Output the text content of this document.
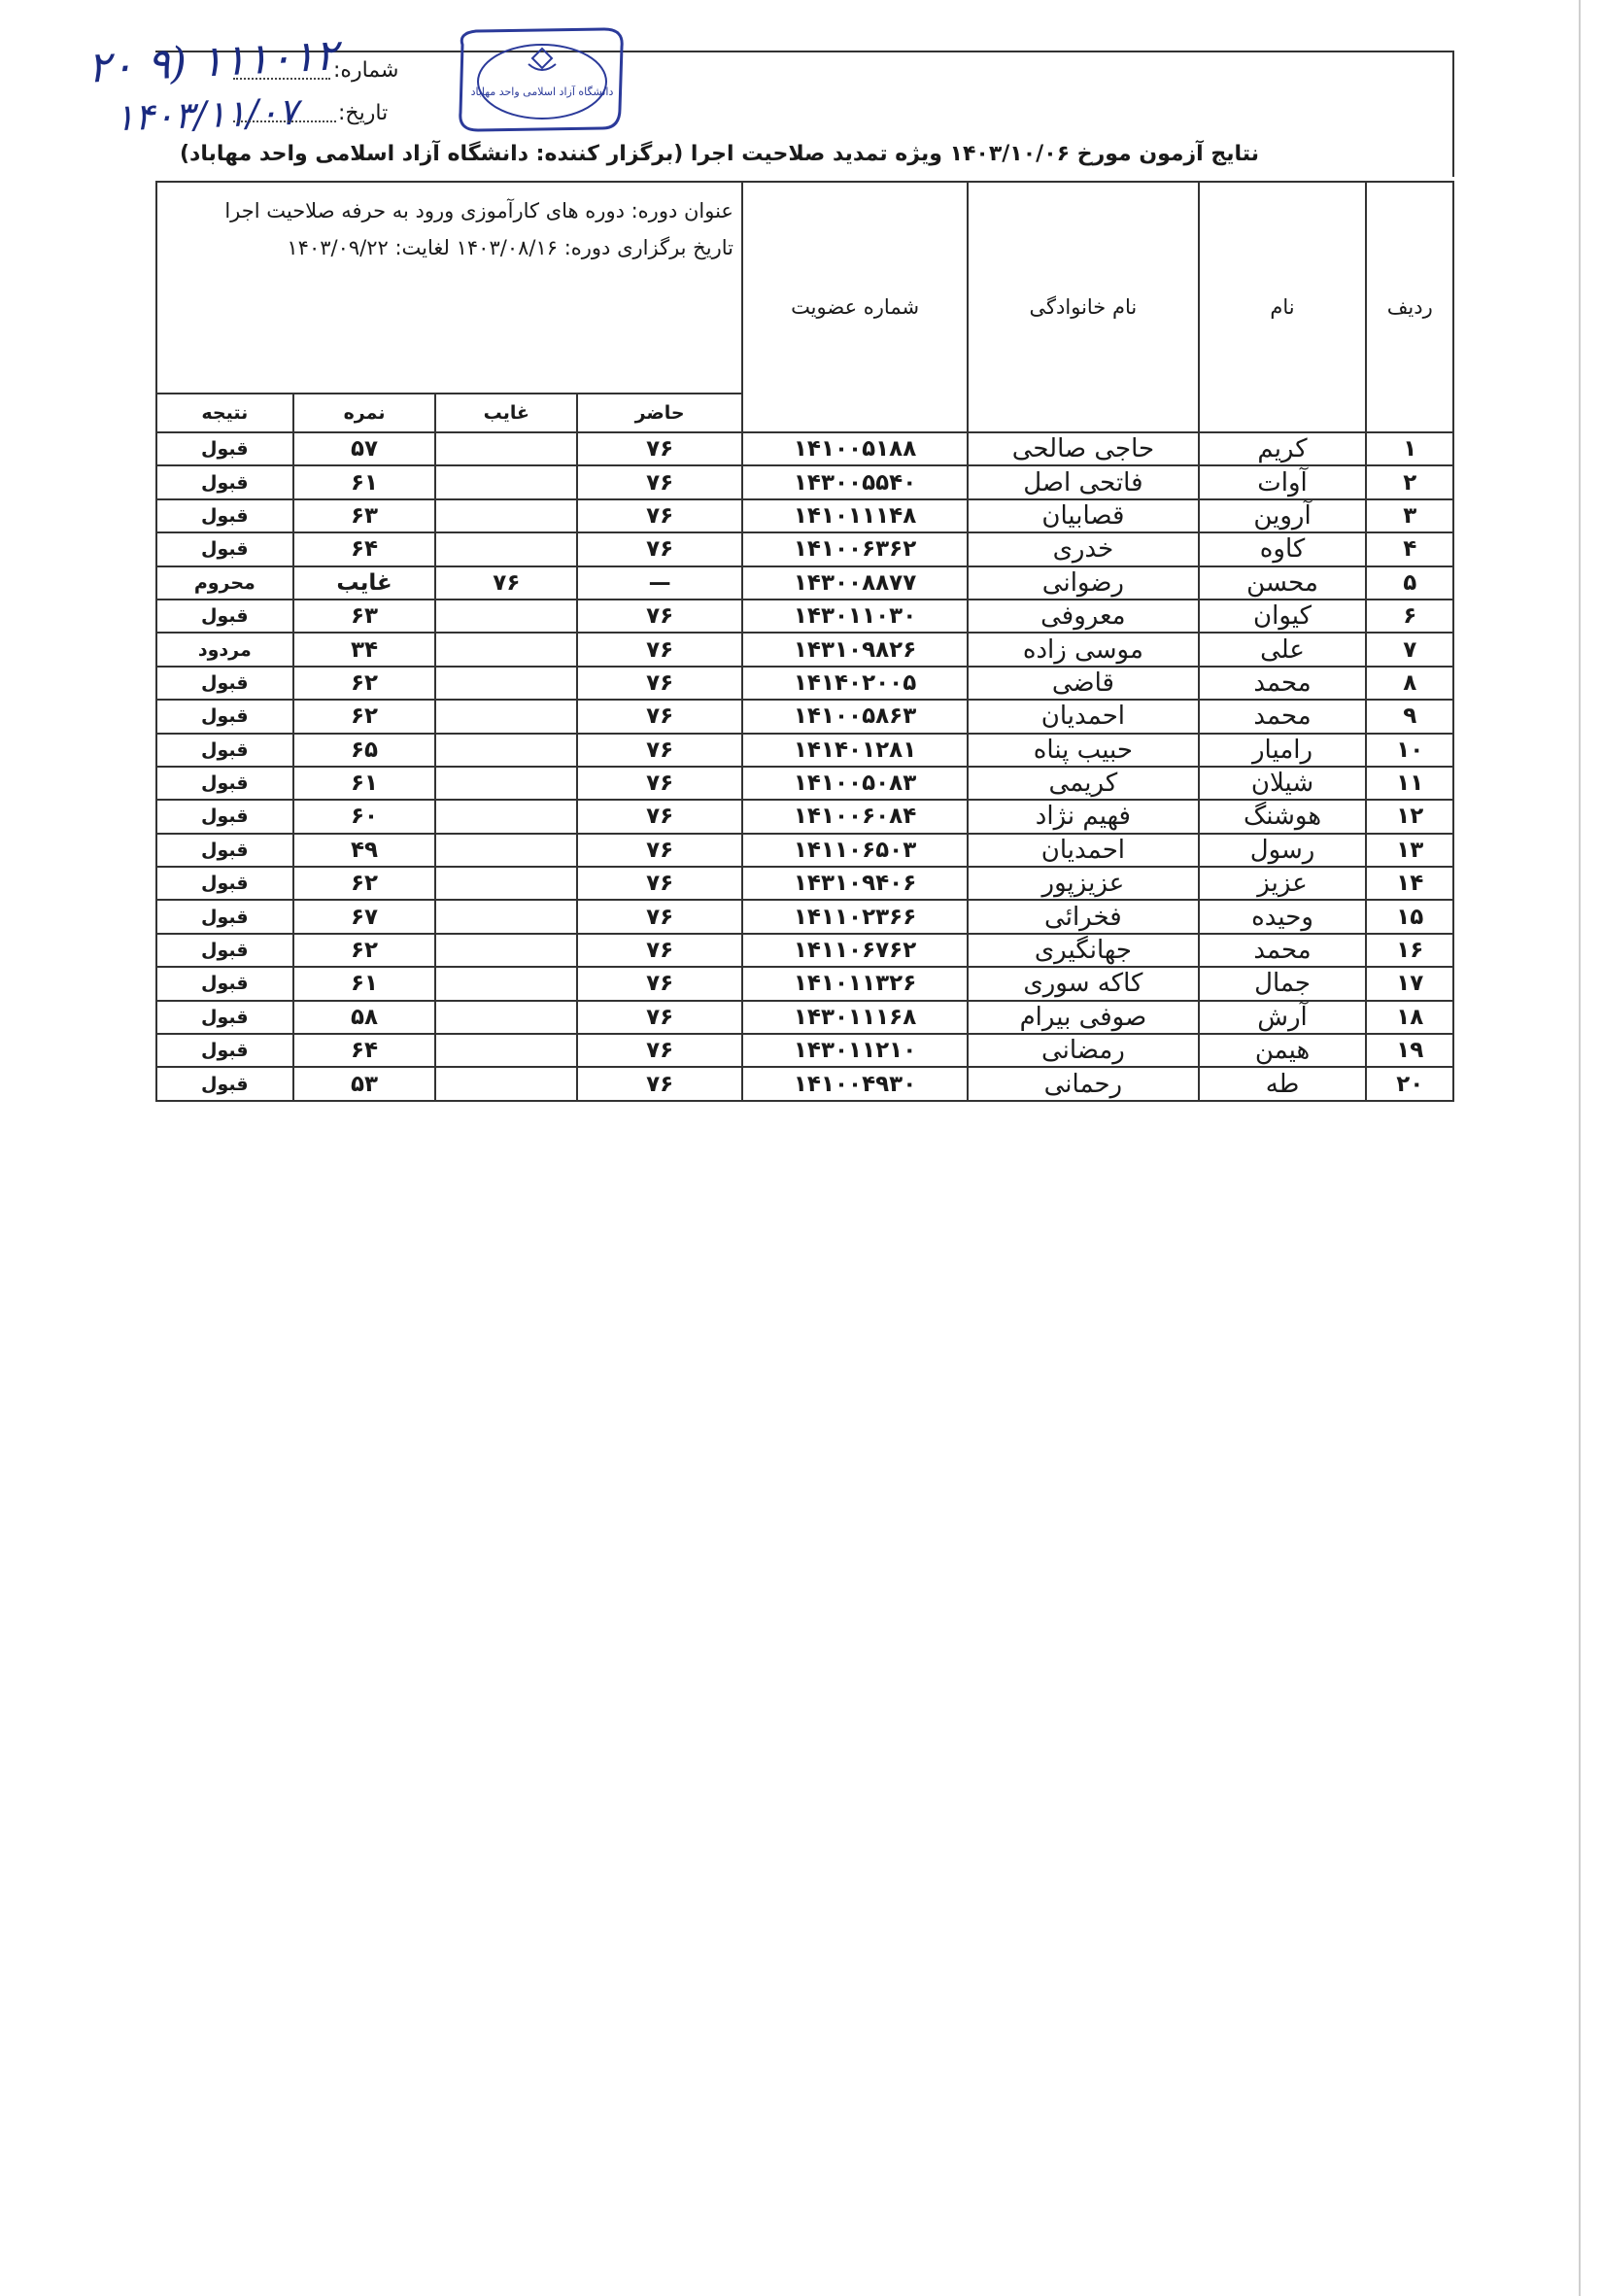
۲۰ ۹) ۱۱۱۰۱۲
شماره:
۱۴۰۳/۱۱/۰۷ تاریخ:
دانشگاه آزاد اسلامی واحد مهاباد
نتایج آزمون مورخ ۱۴۰۳/۱۰/۰۶ ویژه تمدید صلاحیت اجرا (برگزار کننده: دانشگاه آزاد اسلامی واحد مهاباد)
ردیف	نام	نام خانوادگی	شماره عضویت	عنوان دوره: دوره های کارآموزی ورود به حرفه صلاحیت اجرا
تاریخ برگزاری دوره: ۱۴۰۳/۰۸/۱۶ لغایت: ۱۴۰۳/۰۹/۲۲			

				حاضر	غایب	نمره	نتیجه
۱	کریم	حاجی صالحی	۱۴۱۰۰۵۱۸۸	۷۶		۵۷	قبول
۲	آوات	فاتحی اصل	۱۴۳۰۰۵۵۴۰	۷۶		۶۱	قبول
۳	آروین	قصابیان	۱۴۱۰۱۱۱۴۸	۷۶		۶۳	قبول
۴	کاوه	خدری	۱۴۱۰۰۶۳۶۲	۷۶		۶۴	قبول
۵	محسن	رضوانی	۱۴۳۰۰۸۸۷۷	—	۷۶	غایب	محروم
۶	کیوان	معروفی	۱۴۳۰۱۱۰۳۰	۷۶		۶۳	قبول
۷	علی	موسی زاده	۱۴۳۱۰۹۸۲۶	۷۶		۳۴	مردود
۸	محمد	قاضی	۱۴۱۴۰۲۰۰۵	۷۶		۶۲	قبول
۹	محمد	احمدیان	۱۴۱۰۰۵۸۶۳	۷۶		۶۲	قبول
۱۰	رامیار	حبیب پناه	۱۴۱۴۰۱۲۸۱	۷۶		۶۵	قبول
۱۱	شیلان	کریمی	۱۴۱۰۰۵۰۸۳	۷۶		۶۱	قبول
۱۲	هوشنگ	فهیم نژاد	۱۴۱۰۰۶۰۸۴	۷۶		۶۰	قبول
۱۳	رسول	احمدیان	۱۴۱۱۰۶۵۰۳	۷۶		۴۹	قبول
۱۴	عزیز	عزیزپور	۱۴۳۱۰۹۴۰۶	۷۶		۶۲	قبول
۱۵	وحیده	فخرائی	۱۴۱۱۰۲۳۶۶	۷۶		۶۷	قبول
۱۶	محمد	جهانگیری	۱۴۱۱۰۶۷۶۲	۷۶		۶۲	قبول
۱۷	جمال	کاکه سوری	۱۴۱۰۱۱۳۲۶	۷۶		۶۱	قبول
۱۸	آرش	صوفی بیرام	۱۴۳۰۱۱۱۶۸	۷۶		۵۸	قبول
۱۹	هیمن	رمضانی	۱۴۳۰۱۱۲۱۰	۷۶		۶۴	قبول
۲۰	طه	رحمانی	۱۴۱۰۰۴۹۳۰	۷۶		۵۳	قبول
